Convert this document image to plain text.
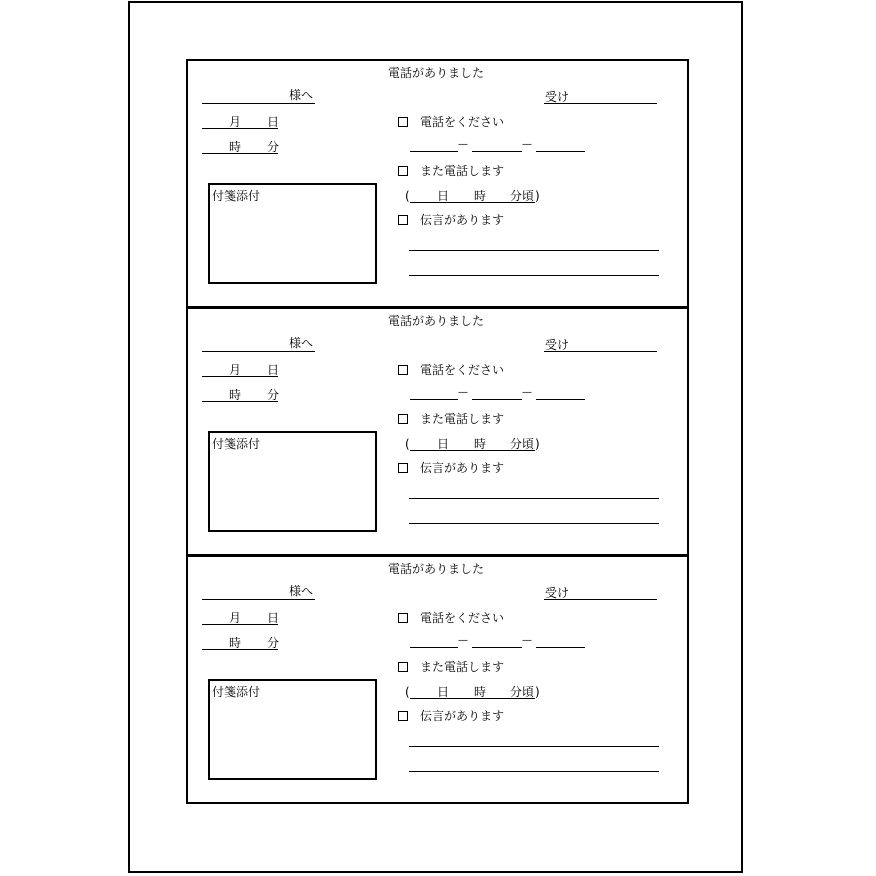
電話がありました
様へ	受け
月 日
時 分
電話をください
—	—
また電話します
( 日 時 分頃 )
伝言があります
付箋添付
電話がありました
様へ	受け
月 日
時 分
電話をください
—	—
また電話します
( 日 時 分頃 )
伝言があります
付箋添付
電話がありました
様へ	受け
月 日
時 分
電話をください
—	—
また電話します
( 日 時 分頃 )
伝言があります
付箋添付
